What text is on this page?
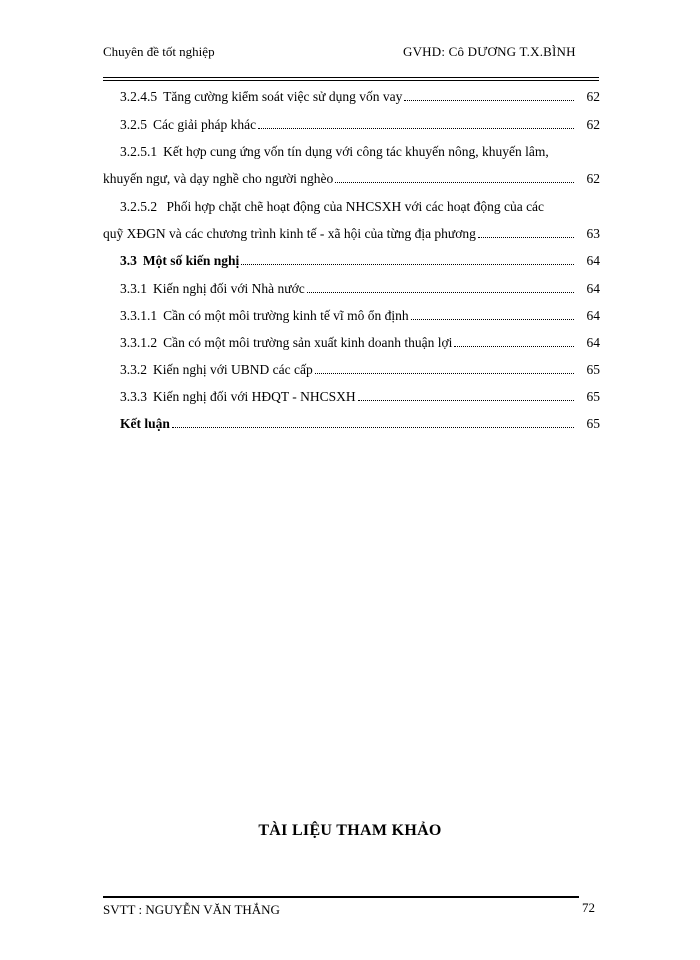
Chuyên đề tốt nghiệp	GVHD: Cô DƯƠNG T.X.BÌNH
3.2.4.5 Tăng cường kiểm soát việc sử dụng vốn vay	62
3.2.5 Các giải pháp khác	62
3.2.5.1 Kết hợp cung ứng vốn tín dụng với công tác khuyến nông, khuyến lâm,
khuyến ngư, và dạy nghề cho người nghèo	62
3.2.5.2 Phối hợp chặt chẽ hoạt động của NHCSXH với các hoạt động của các
quỹ XĐGN và các chương trình kinh tế - xã hội của từng địa phương	63
3.3 Một số kiến nghị	64
3.3.1 Kiến nghị đối với Nhà nước	64
3.3.1.1 Cần có một môi trường kinh tế vĩ mô ổn định	64
3.3.1.2 Cần có một môi trường sản xuất kinh doanh thuận lợi	64
3.3.2 Kiến nghị với UBND các cấp	65
3.3.3 Kiến nghị đối với HĐQT - NHCSXH	65
Kết luận	65
TÀI LIỆU THAM KHẢO
SVTT : NGUYỄN VĂN THẮNG	72
